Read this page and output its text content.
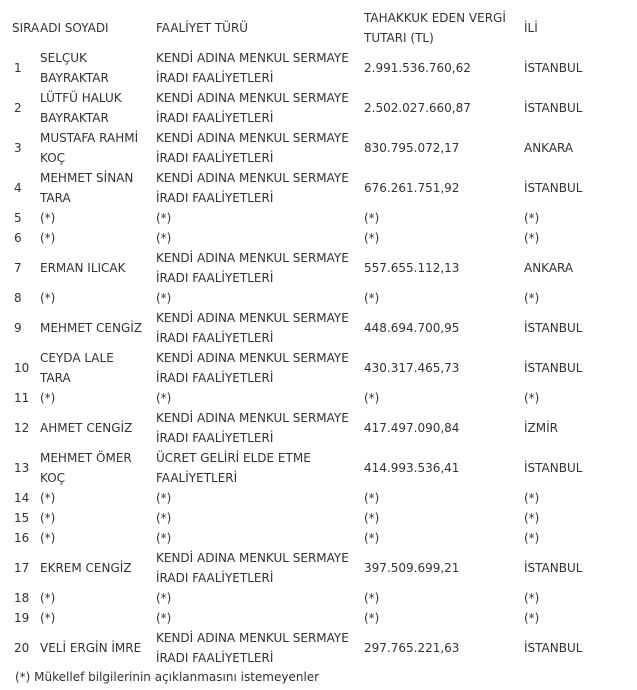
SIRA	ADI SOYADI	FAALİYET TÜRÜ	TAHAKKUK EDEN VERGİ TUTARI (TL)	İLİ
1	SELÇUK BAYRAKTAR	KENDİ ADINA MENKUL SERMAYE İRADI FAALİYETLERİ	2.991.536.760,62	İSTANBUL
2	LÜTFÜ HALUK BAYRAKTAR	KENDİ ADINA MENKUL SERMAYE İRADI FAALİYETLERİ	2.502.027.660,87	İSTANBUL
3	MUSTAFA RAHMİ KOÇ	KENDİ ADINA MENKUL SERMAYE İRADI FAALİYETLERİ	830.795.072,17	ANKARA
4	MEHMET SİNAN TARA	KENDİ ADINA MENKUL SERMAYE İRADI FAALİYETLERİ	676.261.751,92	İSTANBUL
5	(*)	(*)	(*)	(*)
6	(*)	(*)	(*)	(*)
7	ERMAN ILICAK	KENDİ ADINA MENKUL SERMAYE İRADI FAALİYETLERİ	557.655.112,13	ANKARA
8	(*)	(*)	(*)	(*)
9	MEHMET CENGİZ	KENDİ ADINA MENKUL SERMAYE İRADI FAALİYETLERİ	448.694.700,95	İSTANBUL
10	CEYDA LALE TARA	KENDİ ADINA MENKUL SERMAYE İRADI FAALİYETLERİ	430.317.465,73	İSTANBUL
11	(*)	(*)	(*)	(*)
12	AHMET CENGİZ	KENDİ ADINA MENKUL SERMAYE İRADI FAALİYETLERİ	417.497.090,84	İZMİR
13	MEHMET ÖMER KOÇ	ÜCRET GELİRİ ELDE ETME FAALİYETLERİ	414.993.536,41	İSTANBUL
14	(*)	(*)	(*)	(*)
15	(*)	(*)	(*)	(*)
16	(*)	(*)	(*)	(*)
17	EKREM CENGİZ	KENDİ ADINA MENKUL SERMAYE İRADI FAALİYETLERİ	397.509.699,21	İSTANBUL
18	(*)	(*)	(*)	(*)
19	(*)	(*)	(*)	(*)
20	VELİ ERGİN İMRE	KENDİ ADINA MENKUL SERMAYE İRADI FAALİYETLERİ	297.765.221,63	İSTANBUL
(*) Mükellef bilgilerinin açıklanmasını istemeyenler
